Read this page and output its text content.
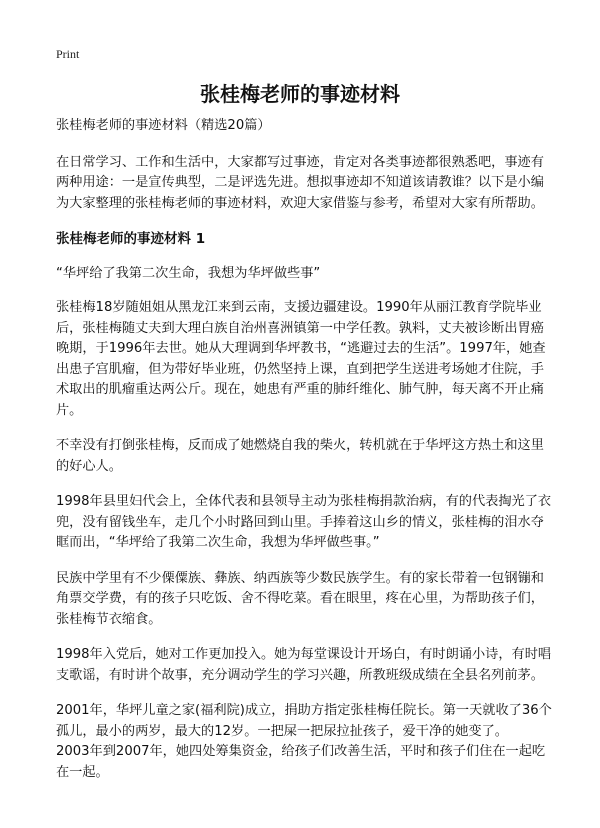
Print
张桂梅老师的事迹材料

张桂梅老师的事迹材料（精选20篇）

在日常学习、工作和生活中，大家都写过事迹，肯定对各类事迹都很熟悉吧，事迹有两种用途：一是宣传典型，二是评选先进。想拟事迹却不知道该请教谁？以下是小编为大家整理的张桂梅老师的事迹材料，欢迎大家借鉴与参考，希望对大家有所帮助。

张桂梅老师的事迹材料 1

“华坪给了我第二次生命，我想为华坪做些事”

张桂梅18岁随姐姐从黑龙江来到云南，支援边疆建设。1990年从丽江教育学院毕业后，张桂梅随丈夫到大理白族自治州喜洲镇第一中学任教。孰料，丈夫被诊断出胃癌晚期，于1996年去世。她从大理调到华坪教书，“逃避过去的生活”。1997年，她查出患子宫肌瘤，但为带好毕业班，仍然坚持上课，直到把学生送进考场她才住院，手术取出的肌瘤重达两公斤。现在，她患有严重的肺纤维化、肺气肿，每天离不开止痛片。

不幸没有打倒张桂梅，反而成了她燃烧自我的柴火，转机就在于华坪这方热土和这里的好心人。

1998年县里妇代会上，全体代表和县领导主动为张桂梅捐款治病，有的代表掏光了衣兜，没有留钱坐车，走几个小时路回到山里。手捧着这山乡的情义，张桂梅的泪水夺眶而出，“华坪给了我第二次生命，我想为华坪做些事。”

民族中学里有不少傈僳族、彝族、纳西族等少数民族学生。有的家长带着一包钢镚和角票交学费，有的孩子只吃饭、舍不得吃菜。看在眼里，疼在心里，为帮助孩子们，张桂梅节衣缩食。

1998年入党后，她对工作更加投入。她为每堂课设计开场白，有时朗诵小诗，有时唱支歌谣，有时讲个故事，充分调动学生的学习兴趣，所教班级成绩在全县名列前茅。

2001年，华坪儿童之家(福利院)成立，捐助方指定张桂梅任院长。第一天就收了36个孤儿，最小的两岁，最大的12岁。一把屎一把尿拉扯孩子，爱干净的她变了。

2003年到2007年，她四处筹集资金，给孩子们改善生活，平时和孩子们住在一起吃在一起。
